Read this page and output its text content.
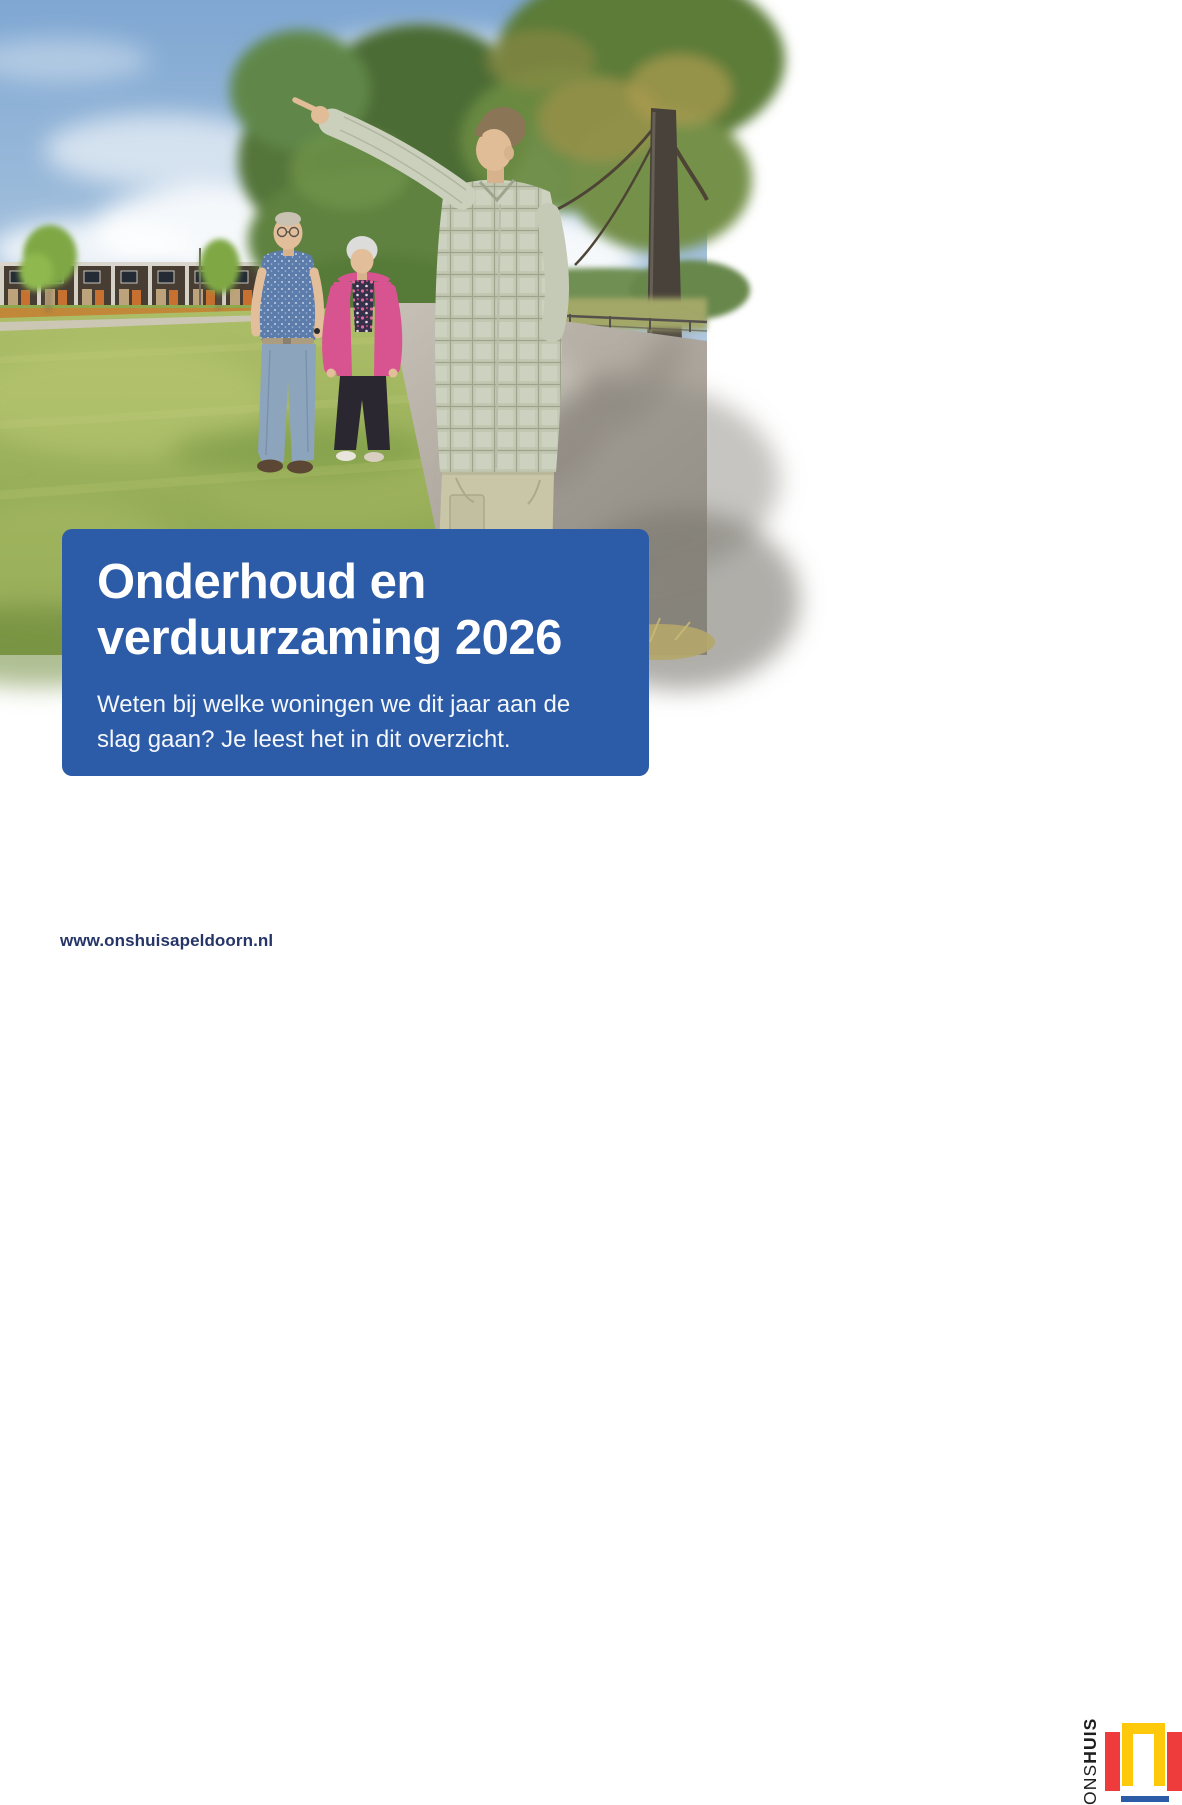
Onderhoud en
verduurzaming 2026
Weten bij welke woningen we dit jaar aan de
slag gaan? Je leest het in dit overzicht.
www.onshuisapeldoorn.nl
ONSHUIS
